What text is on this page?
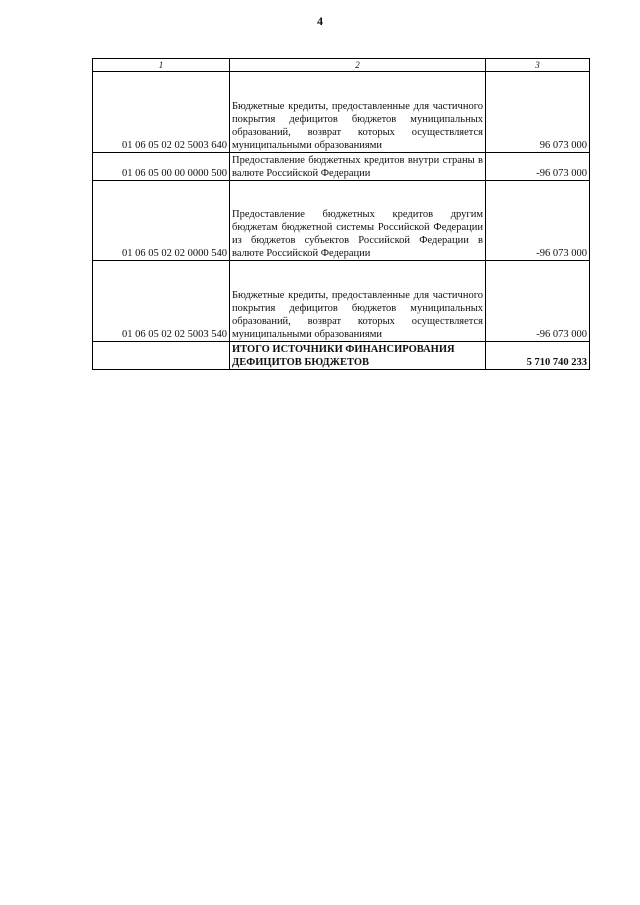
4
1	2	3
01 06 05 02 02 5003 640	Бюджетные кредиты, предоставленные для частичного покрытия дефицитов бюджетов муниципальных образований, возврат которых осуществляется муниципальными образованиями	96 073 000
01 06 05 00 00 0000 500	Предоставление бюджетных кредитов внутри страны в валюте Российской Федерации	-96 073 000
01 06 05 02 02 0000 540	Предоставление бюджетных кредитов другим бюджетам бюджетной системы Российской Федерации из бюджетов субъектов Российской Федерации в валюте Российской Федерации	-96 073 000
01 06 05 02 02 5003 540	Бюджетные кредиты, предоставленные для частичного покрытия дефицитов бюджетов муниципальных образований, возврат которых осуществляется муниципальными образованиями	-96 073 000
	ИТОГО ИСТОЧНИКИ ФИНАНСИРОВАНИЯ ДЕФИЦИТОВ БЮДЖЕТОВ	5 710 740 233
